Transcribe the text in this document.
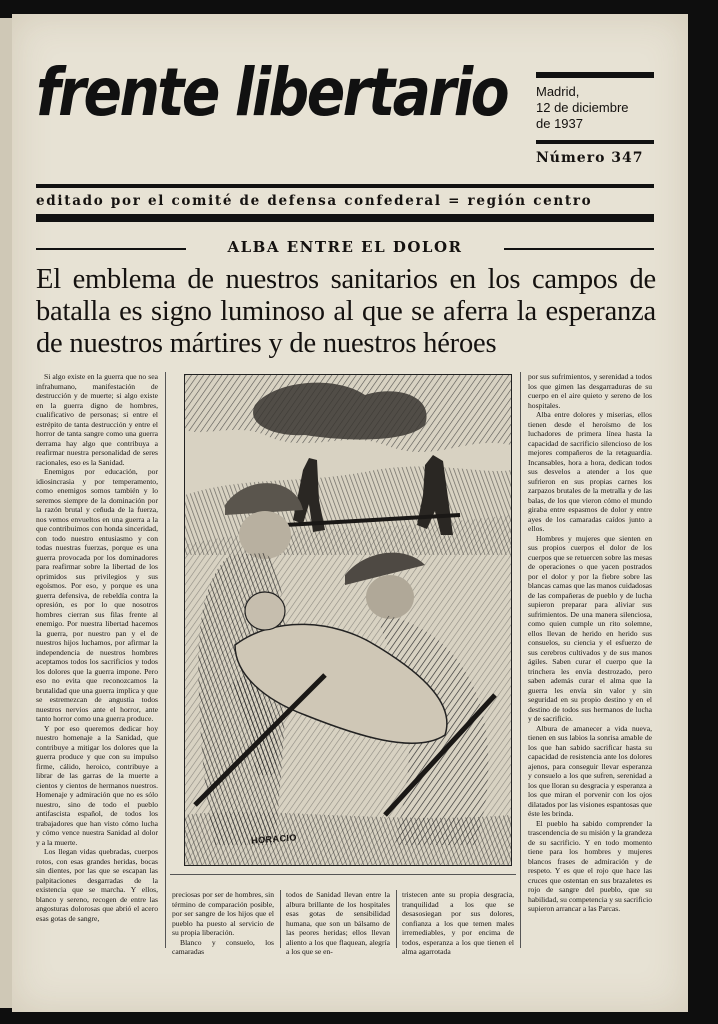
frente libertario Madrid,
12 de diciembre
de 1937
Número 347
editado por el comité de defensa confederal = región centro
ALBA ENTRE EL DOLOR
El emblema de nuestros sanitarios en los campos de batalla es signo luminoso al que se aferra la esperanza de nuestros mártires y de nuestros héroes

Si algo existe en la guerra que no sea infrahumano, manifestación de destrucción y de muerte; si algo existe en la guerra digno de hombres, cualificativo de personas; si entre el estrépito de tanta destrucción y entre el horror de tanta sangre como una guerra derrama hay algo que contribuya a reafirmar nuestra personalidad de seres racionales, eso es la Sanidad.

Enemigos por educación, por idiosincrasia y por temperamento, como enemigos somos también y lo seremos siempre de la dominación por la razón brutal y ceñuda de la fuerza, nos vemos envueltos en una guerra a la que contribuimos con honda sinceridad, con todo nuestro entusiasmo y con todas nuestras fuerzas, porque es una guerra provocada por los dominadores para reafirmar sobre la libertad de los oprimidos sus privilegios y sus egoísmos. Por eso, y porque es una guerra defensiva, de rebeldía contra la opresión, es por lo que nosotros hombres cierran sus filas frente al enemigo. Por nuestra libertad hacemos la guerra, por nuestro pan y el de nuestros hijos luchamos, por afirmar la independencia de nuestros hombres aceptamos todos los sacrificios y todos los dolores que la guerra impone. Pero eso no evita que reconozcamos la brutalidad que una guerra implica y que se estremezcan de angustia todos nuestros nervios ante el horror, ante tanto horror como una guerra produce.

Y por eso queremos dedicar hoy nuestro homenaje a la Sanidad, que contribuye a mitigar los dolores que la guerra produce y que con su impulso firme, cálido, heroico, contribuye a librar de las garras de la muerte a cientos y cientos de hermanos nuestros. Homenaje y admiración que no es sólo nuestro, sino de todo el pueblo antifascista español, de todos los trabajadores que han visto cómo lucha y cómo vence nuestra Sanidad al dolor y a la muerte.

Los llegan vidas quebradas, cuerpos rotos, con esas grandes heridas, bocas sin dientes, por las que se escapan las palpitaciones desgarradas de la existencia que se marcha. Y ellos, blanco y sereno, recogen de entre las angosturas dolorosas que abrió el acero esas gotas de sangre,

HORACIO

preciosas por ser de hombres, sin término de comparación posible, por ser sangre de los hijos que el pueblo ha puesto al servicio de su propia liberación.

Blanco y consuelo, los camaradas

todos de Sanidad llevan entre la albura brillante de los hospitales esas gotas de sensibilidad humana, que son un bálsamo de las peores heridas; ellos llevan aliento a los que flaquean, alegría a los que se en-

tristecen ante su propia desgracia, tranquilidad a los que se desasosiegan por sus dolores, confianza a los que temen males irremediables, y por encima de todos, esperanza a los que tienen el alma agarrotada

por sus sufrimientos, y serenidad a todos los que gimen las desgarraduras de su cuerpo en el aire quieto y sereno de los hospitales.

Alba entre dolores y miserias, ellos tienen desde el heroísmo de los luchadores de primera línea hasta la capacidad de sacrificio silencioso de los mejores compañeros de la retaguardia. Incansables, hora a hora, dedican todos sus desvelos a atender a los que sufrieron en sus propias carnes los zarpazos brutales de la metralla y de las balas, de los que vieron cómo el mundo giraba entre espasmos de dolor y entre ayes de los camaradas caídos junto a ellos.

Hombres y mujeres que sienten en sus propios cuerpos el dolor de los cuerpos que se retuercen sobre las mesas de operaciones o que yacen postrados por el dolor y por la fiebre sobre las blancas camas que las manos cuidadosas de las compañeras de pueblo y de lucha supieron preparar para aliviar sus sufrimientos. De una manera silenciosa, como quien cumple un rito solemne, ellos llevan de herido en herido sus consuelos, su ciencia y el esfuerzo de sus cerebros cultivados y de sus manos ágiles. Saben curar el cuerpo que la trinchera les envía destrozado, pero saben además curar el alma que la guerra les envía sin valor y sin seguridad en su propio destino y en el destino de todos sus hermanos de lucha y de sacrificio.

Albura de amanecer a vida nueva, tienen en sus labios la sonrisa amable de los que han sabido sacrificar hasta su capacidad de resistencia ante los dolores ajenos, para conseguir llevar esperanza y consuelo a los que sufren, serenidad a los que lloran su desgracia y esperanza a los que miran el porvenir con los ojos dilatados por las visiones espantosas que éste les brinda.

El pueblo ha sabido comprender la trascendencia de su misión y la grandeza de su sacrificio. Y en todo momento tiene para los hombres y mujeres blancos frases de admiración y de respeto. Y es que el rojo que hace las cruces que ostentan en sus brazaletes es rojo de sangre del pueblo, que su habilidad, su competencia y su sacrificio supieron arrancar a las Parcas.
